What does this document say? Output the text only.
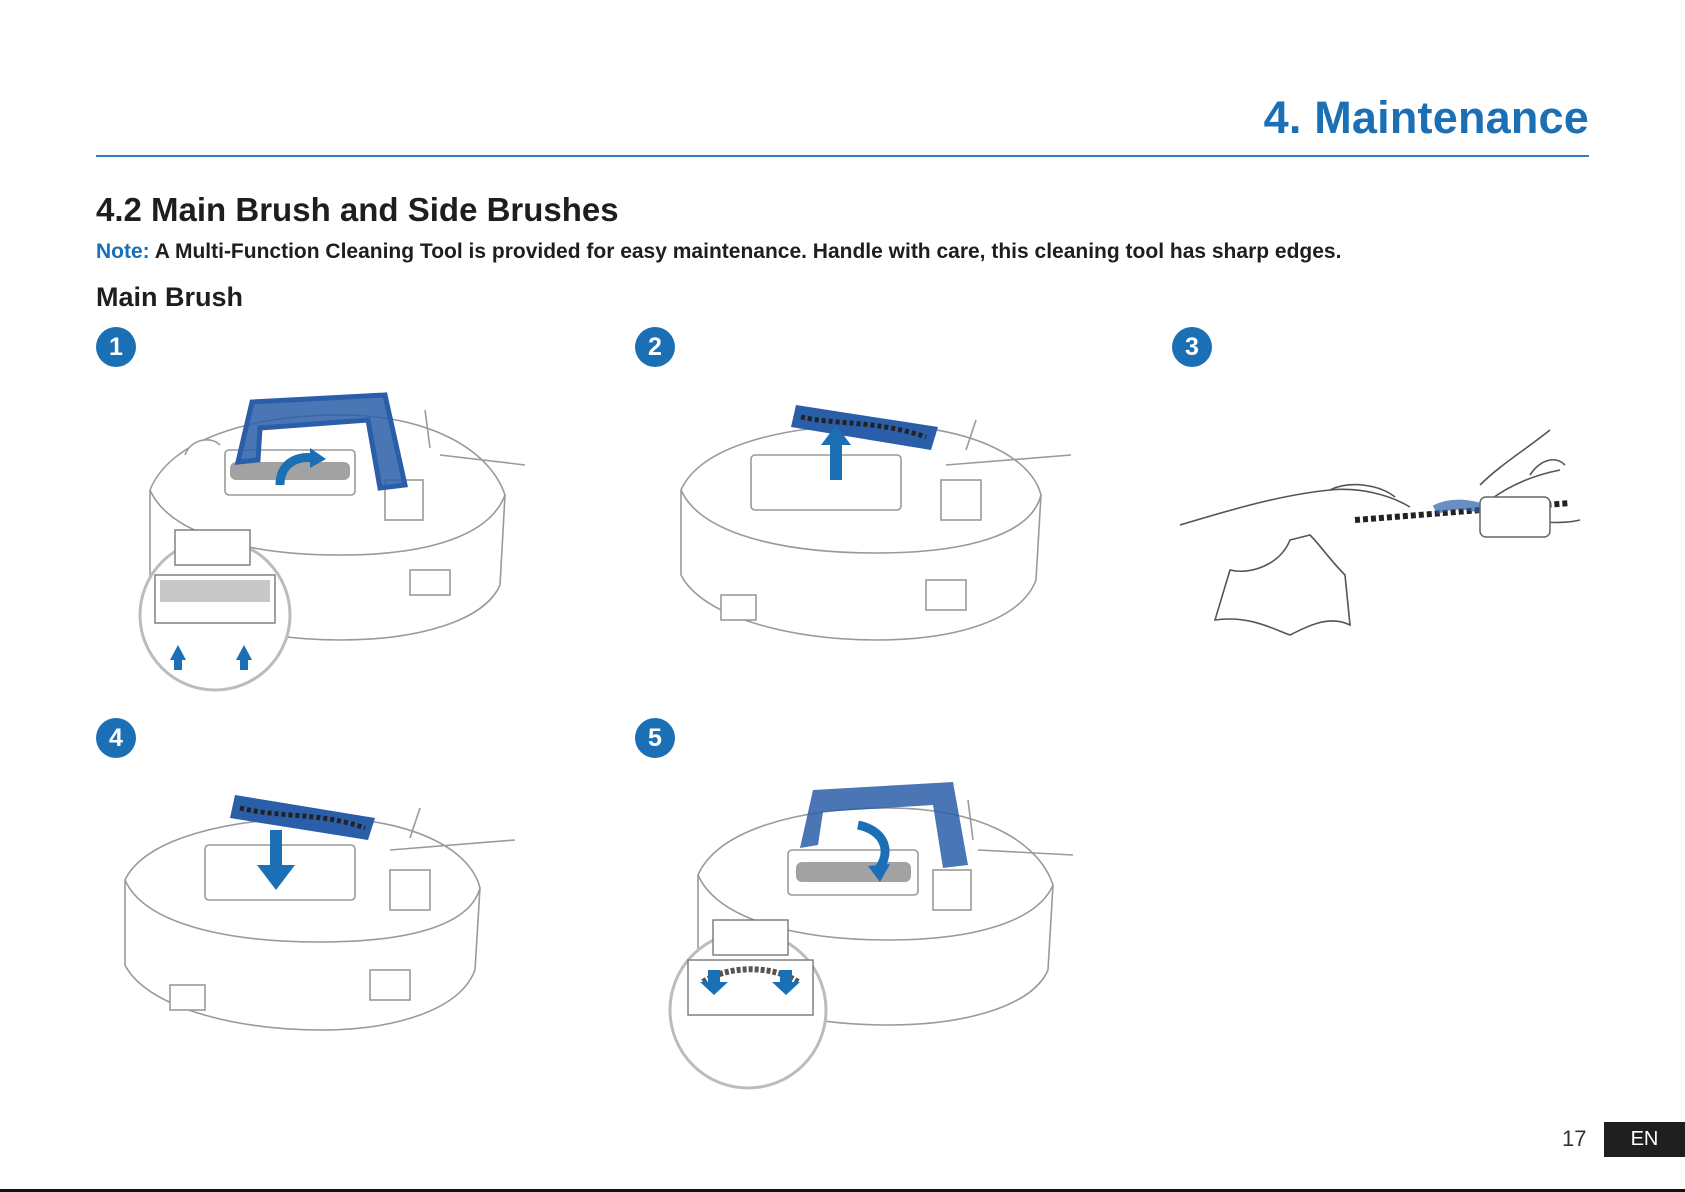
4. Maintenance
4.2 Main Brush and Side Brushes
Note: A Multi-Function Cleaning Tool is provided for easy maintenance. Handle with care, this cleaning tool has sharp edges.
Main Brush
1	2	3
4	5
17	EN
